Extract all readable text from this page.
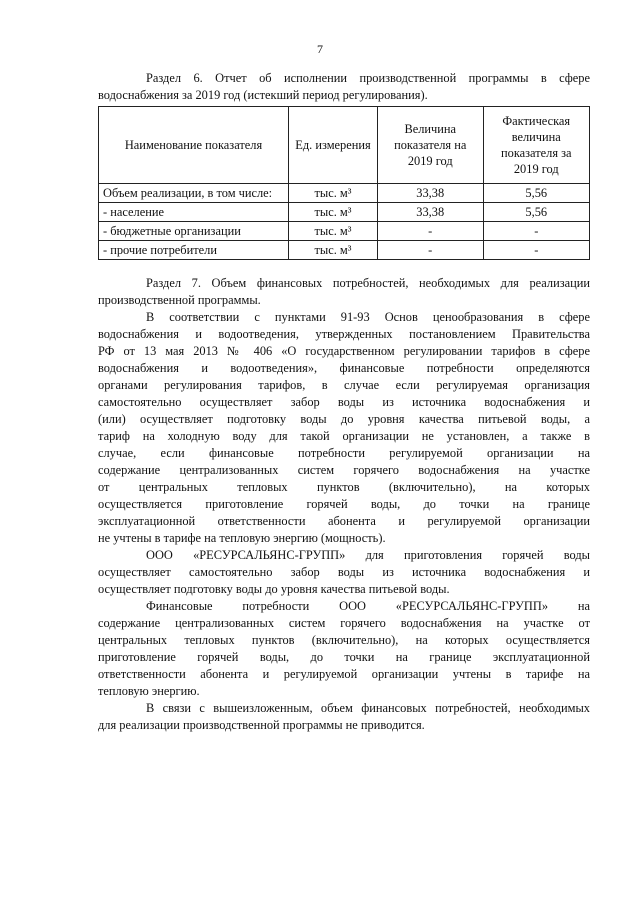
7

Раздел 6. Отчет об исполнении производственной программы в сфере

водоснабжения за 2019 год (истекший период регулирования).

Наименование показателя	Ед. измерения	Величина показателя на 2019 год	Фактическая величина показателя за 2019 год
Объем реализации, в том числе:	тыс. м³	33,38	5,56
- население	тыс. м³	33,38	5,56
- бюджетные организации	тыс. м³	-	-
- прочие потребители	тыс. м³	-	-

Раздел 7. Объем финансовых потребностей, необходимых для реализации

производственной программы.

В соответствии с пунктами 91-93 Основ ценообразования в сфере

водоснабжения и водоотведения, утвержденных постановлением Правительства

РФ от 13 мая 2013 № 406 «О государственном регулировании тарифов в сфере

водоснабжения и водоотведения», финансовые потребности определяются

органами регулирования тарифов, в случае если регулируемая организация

самостоятельно осуществляет забор воды из источника водоснабжения и

(или) осуществляет подготовку воды до уровня качества питьевой воды, а

тариф на холодную воду для такой организации не установлен, а также в

случае, если финансовые потребности регулируемой организации на

содержание централизованных систем горячего водоснабжения на участке

от центральных тепловых пунктов (включительно), на которых

осуществляется приготовление горячей воды, до точки на границе

эксплуатационной ответственности абонента и регулируемой организации

не учтены в тарифе на тепловую энергию (мощность).

ООО «РЕСУРСАЛЬЯНС-ГРУПП» для приготовления горячей воды

осуществляет самостоятельно забор воды из источника водоснабжения и

осуществляет подготовку воды до уровня качества питьевой воды.

Финансовые потребности ООО «РЕСУРСАЛЬЯНС-ГРУПП» на

содержание централизованных систем горячего водоснабжения на участке от

центральных тепловых пунктов (включительно), на которых осуществляется

приготовление горячей воды, до точки на границе эксплуатационной

ответственности абонента и регулируемой организации учтены в тарифе на

тепловую энергию.

В связи с вышеизложенным, объем финансовых потребностей, необходимых

для реализации производственной программы не приводится.
